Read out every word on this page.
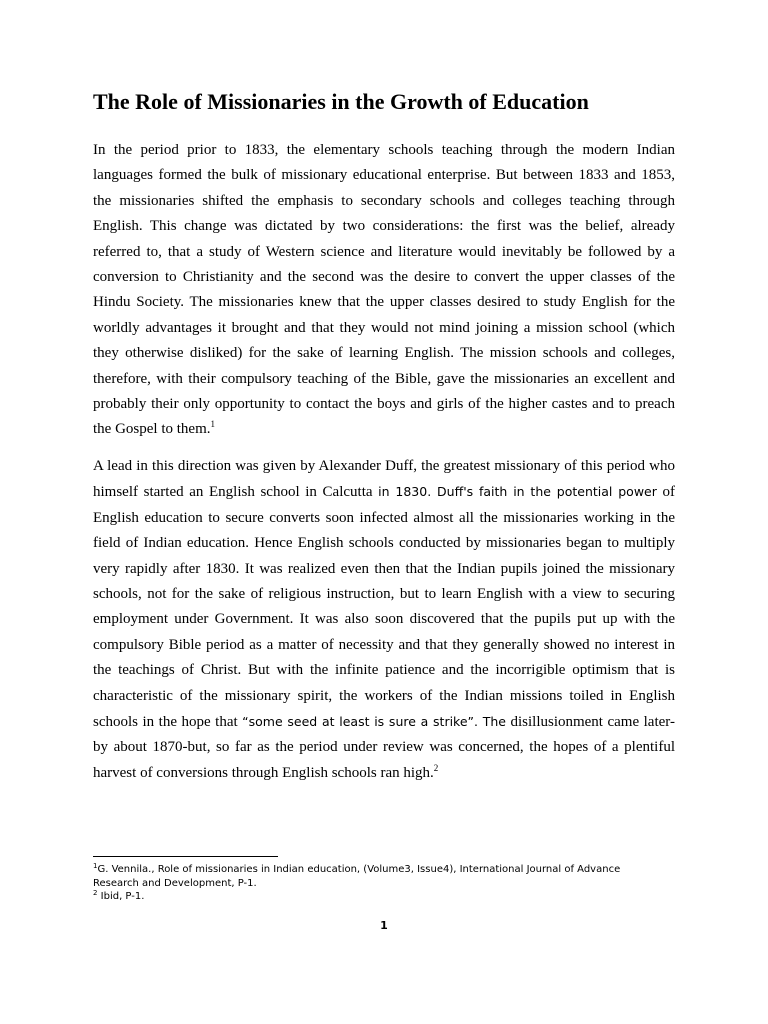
The Role of Missionaries in the Growth of Education

In the period prior to 1833, the elementary schools teaching through the modern Indian languages formed the bulk of missionary educational enterprise. But between 1833 and 1853, the missionaries shifted the emphasis to secondary schools and colleges teaching through English. This change was dictated by two considerations: the first was the belief, already referred to, that a study of Western science and literature would inevitably be followed by a conversion to Christianity and the second was the desire to convert the upper classes of the Hindu Society. The missionaries knew that the upper classes desired to study English for the worldly advantages it brought and that they would not mind joining a mission school (which they otherwise disliked) for the sake of learning English. The mission schools and colleges, therefore, with their compulsory teaching of the Bible, gave the missionaries an excellent and probably their only opportunity to contact the boys and girls of the higher castes and to preach the Gospel to them.$^1$

A lead in this direction was given by Alexander Duff, the greatest missionary of this period who himself started an English school in Calcutta in 1830. Duff's faith in the potential power of English education to secure converts soon infected almost all the missionaries working in the field of Indian education. Hence English schools conducted by missionaries began to multiply very rapidly after 1830. It was realized even then that the Indian pupils joined the missionary schools, not for the sake of religious instruction, but to learn English with a view to securing employment under Government. It was also soon discovered that the pupils put up with the compulsory Bible period as a matter of necessity and that they generally showed no interest in the teachings of Christ. But with the infinite patience and the incorrigible optimism that is characteristic of the missionary spirit, the workers of the Indian missions toiled in English schools in the hope that “some seed at least is sure a strike”. The disillusionment came later-by about 1870-but, so far as the period under review was concerned, the hopes of a plentiful harvest of conversions through English schools ran high.$^2$

$^1$G. Vennila., Role of missionaries in Indian education, (Volume3, Issue4), International Journal of Advance Research and Development, P-1.

$^2$ Ibid, P-1.

1
